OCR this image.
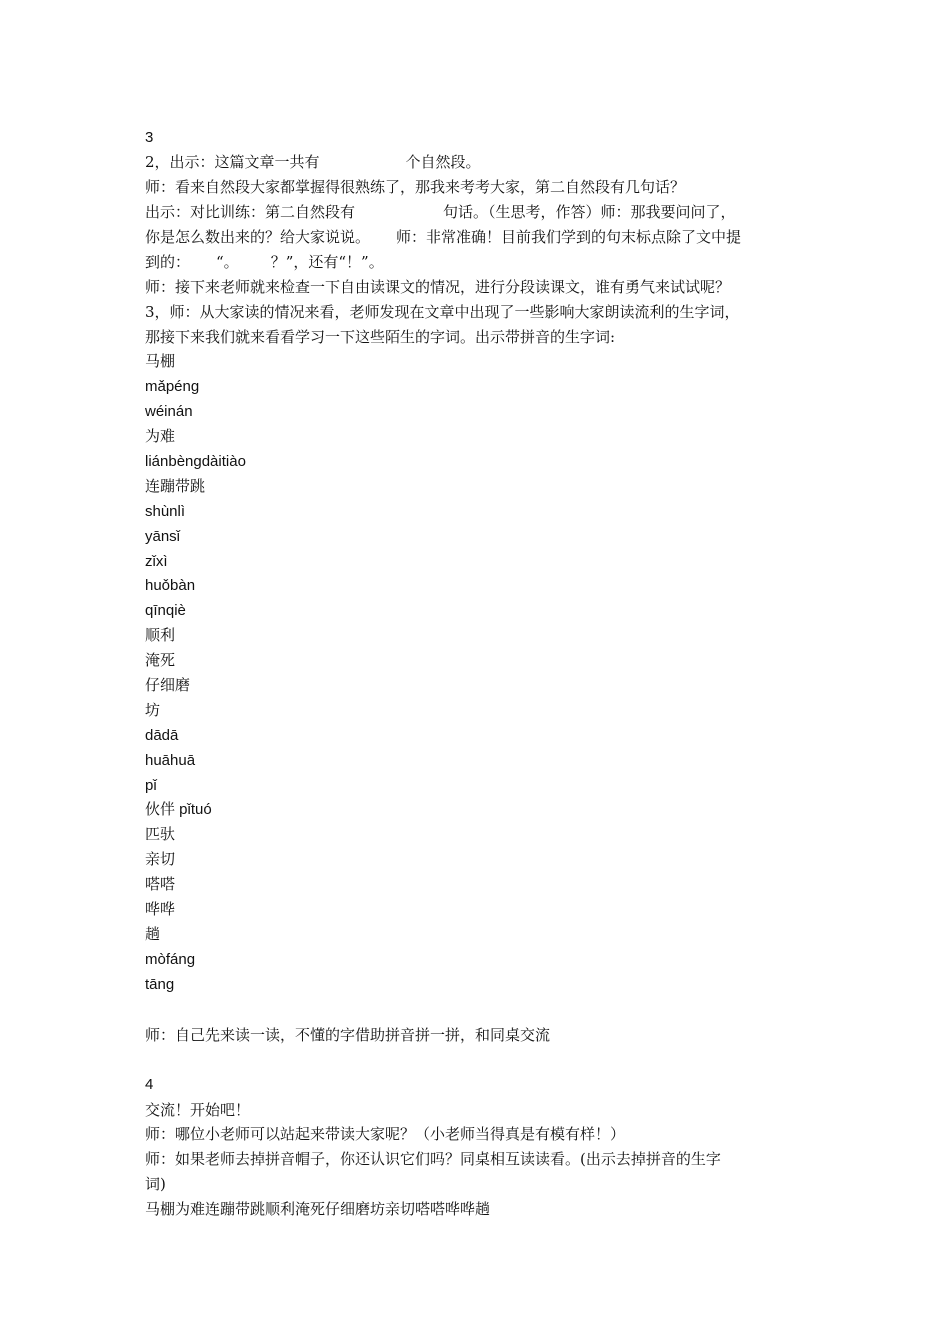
3
2，出示：这篇文章一共有	个自然段。
师：看来自然段大家都掌握得很熟练了，那我来考考大家，第二自然段有几句话？
出示：对比训练：第二自然段有	句话。（生思考，作答）师：那我要问问了，
你是怎么数出来的？给大家说说。 师：非常准确！目前我们学到的句末标点除了文中提
到的： “。 ？”，还有“！”。
师：接下来老师就来检查一下自由读课文的情况，进行分段读课文，谁有勇气来试试呢？
3，师：从大家读的情况来看，老师发现在文章中出现了一些影响大家朗读流利的生字词，
那接下来我们就来看看学习一下这些陌生的字词。出示带拼音的生字词:
马棚
mǎpéng
wéinán
为难
liánbèngdàitiào
连蹦带跳
shùnlì
yānsǐ
zǐxì
huǒbàn
qīnqiè
顺利
淹死
仔细磨
坊
dādā
huāhuā
pǐ
伙伴 pǐtuó
匹驮
亲切
嗒嗒
哗哗
趟
mòfáng
tāng
师：自己先来读一读，不懂的字借助拼音拼一拼，和同桌交流
4
交流！开始吧！
师：哪位小老师可以站起来带读大家呢？（小老师当得真是有模有样！）
师：如果老师去掉拼音帽子，你还认识它们吗？同桌相互读读看。(出示去掉拼音的生字
词)
马棚为难连蹦带跳顺利淹死仔细磨坊亲切嗒嗒哗哗趟
